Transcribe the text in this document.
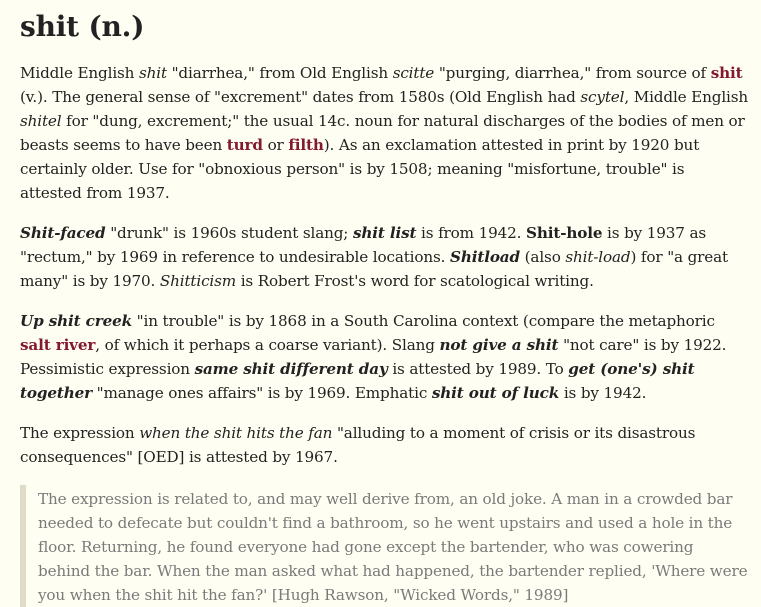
shit (n.)

Middle English shit "diarrhea," from Old English scitte "purging, diarrhea," from source of shit (v.). The general sense of "excrement" dates from 1580s (Old English had scytel, Middle English shitel for "dung, excrement;" the usual 14c. noun for natural discharges of the bodies of men or beasts seems to have been turd or filth). As an exclamation attested in print by 1920 but certainly older. Use for "obnoxious person" is by 1508; meaning "misfortune, trouble" is attested from 1937.

Shit-faced "drunk" is 1960s student slang; shit list is from 1942. Shit-hole is by 1937 as "rectum," by 1969 in reference to undesirable locations. Shitload (also shit-load) for "a great many" is by 1970. Shitticism is Robert Frost's word for scatological writing.

Up shit creek "in trouble" is by 1868 in a South Carolina context (compare the metaphoric salt river, of which it perhaps a coarse variant). Slang not give a shit "not care" is by 1922. Pessimistic expression same shit different day is attested by 1989. To get (one's) shit together "manage ones affairs" is by 1969. Emphatic shit out of luck is by 1942.

The expression when the shit hits the fan "alluding to a moment of crisis or its disastrous consequences" [OED] is attested by 1967.

The expression is related to, and may well derive from, an old joke. A man in a crowded bar needed to defecate but couldn't find a bathroom, so he went upstairs and used a hole in the floor. Returning, he found everyone had gone except the bartender, who was cowering behind the bar. When the man asked what had happened, the bartender replied, 'Where were you when the shit hit the fan?' [Hugh Rawson, "Wicked Words," 1989]
